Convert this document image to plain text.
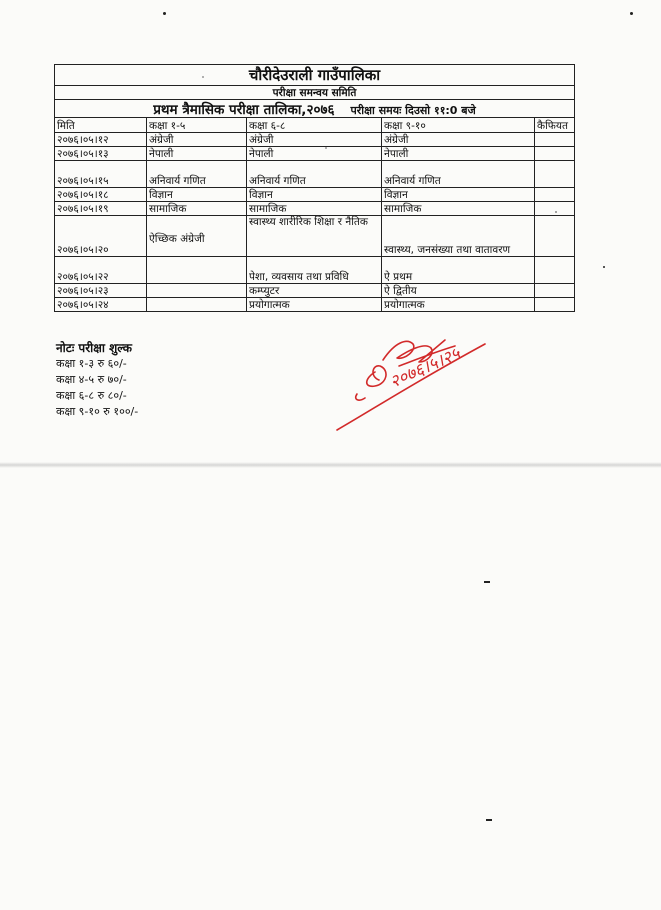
चौरीदेउराली गाउँपालिका				
परीक्षा समन्वय समिति				
प्रथम त्रैमासिक परीक्षा तालिका,२०७६ परीक्षा समयः दिउसो ११:0 बजे				
मिति	कक्षा १-५	कक्षा ६-८	कक्षा ९-१०	कैफियत
२०७६।०५।१२	अंग्रेजी	अंग्रेजी	अंग्रेजी	
२०७६।०५।१३	नेपाली	नेपाली	नेपाली	
२०७६।०५।१५	अनिवार्य गणित	अनिवार्य गणित	अनिवार्य गणित	
२०७६।०५।१८	विज्ञान	विज्ञान	विज्ञान	
२०७६।०५।१९	सामाजिक	सामाजिक	सामाजिक	
२०७६।०५।२०	ऐच्छिक अंग्रेजी	स्वास्थ्य शारीरिक शिक्षा र नैतिक	स्वास्थ्य, जनसंख्या तथा वातावरण	
२०७६।०५।२२		पेशा, व्यवसाय तथा प्रविधि	ऐ प्रथम	
२०७६।०५।२३		कम्प्युटर	ऐ द्वितीय	
२०७६।०५।२४		प्रयोगात्मक	प्रयोगात्मक	
नोटः परीक्षा शुल्क
कक्षा १-३ रु ६०/-
कक्षा ४-५ रु ७०/-
कक्षा ६-८ रु ८०/-
कक्षा ९-१० रु १००/-
२०७६।५।२५
